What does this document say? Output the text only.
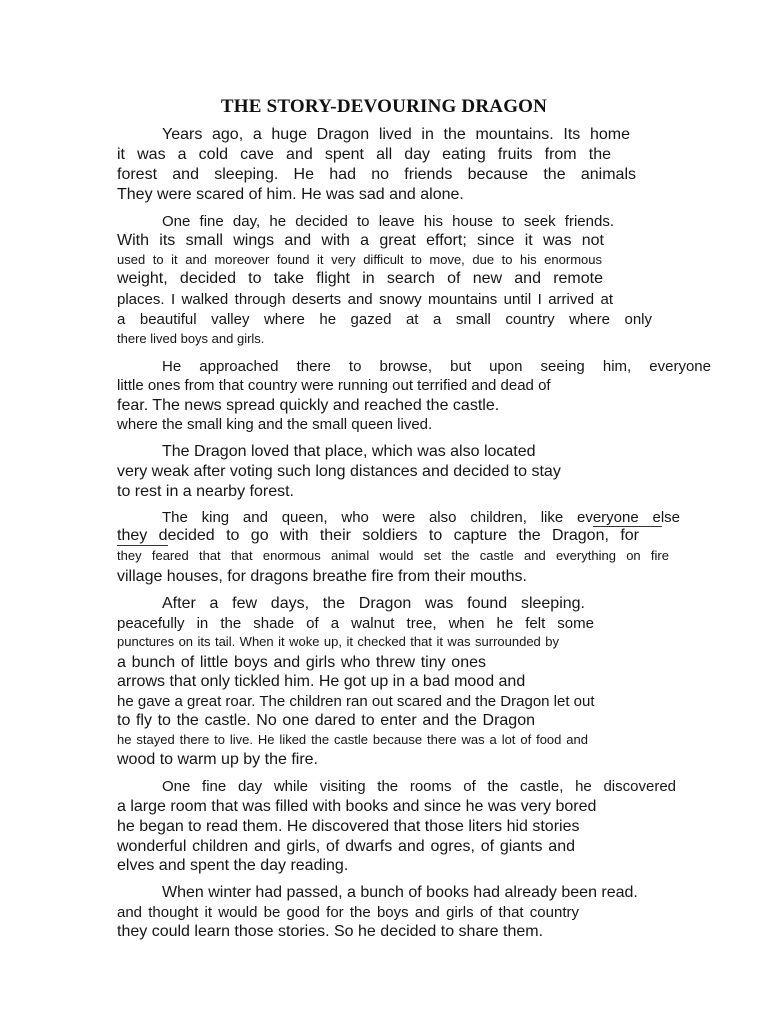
THE STORY-DEVOURING DRAGON
Years ago, a huge Dragon lived in the mountains. Its home
it was a cold cave and spent all day eating fruits from the
forest and sleeping. He had no friends because the animals
They were scared of him. He was sad and alone.
One fine day, he decided to leave his house to seek friends.
With its small wings and with a great effort; since it was not
used to it and moreover found it very difficult to move, due to his enormous
weight, decided to take flight in search of new and remote
places. I walked through deserts and snowy mountains until I arrived at
a beautiful valley where he gazed at a small country where only
there lived boys and girls.
He approached there to browse, but upon seeing him, everyone
little ones from that country were running out terrified and dead of
fear. The news spread quickly and reached the castle.
where the small king and the small queen lived.
The Dragon loved that place, which was also located
very weak after voting such long distances and decided to stay
to rest in a nearby forest.
The king and queen, who were also children, like everyone else
they decided to go with their soldiers to capture the Dragon, for
they feared that that enormous animal would set the castle and everything on fire
village houses, for dragons breathe fire from their mouths.
After a few days, the Dragon was found sleeping.
peacefully in the shade of a walnut tree, when he felt some
punctures on its tail. When it woke up, it checked that it was surrounded by
a bunch of little boys and girls who threw tiny ones
arrows that only tickled him. He got up in a bad mood and
he gave a great roar. The children ran out scared and the Dragon let out
to fly to the castle. No one dared to enter and the Dragon
he stayed there to live. He liked the castle because there was a lot of food and
wood to warm up by the fire.
One fine day while visiting the rooms of the castle, he discovered
a large room that was filled with books and since he was very bored
he began to read them. He discovered that those liters hid stories
wonderful children and girls, of dwarfs and ogres, of giants and
elves and spent the day reading.
When winter had passed, a bunch of books had already been read.
and thought it would be good for the boys and girls of that country
they could learn those stories. So he decided to share them.
